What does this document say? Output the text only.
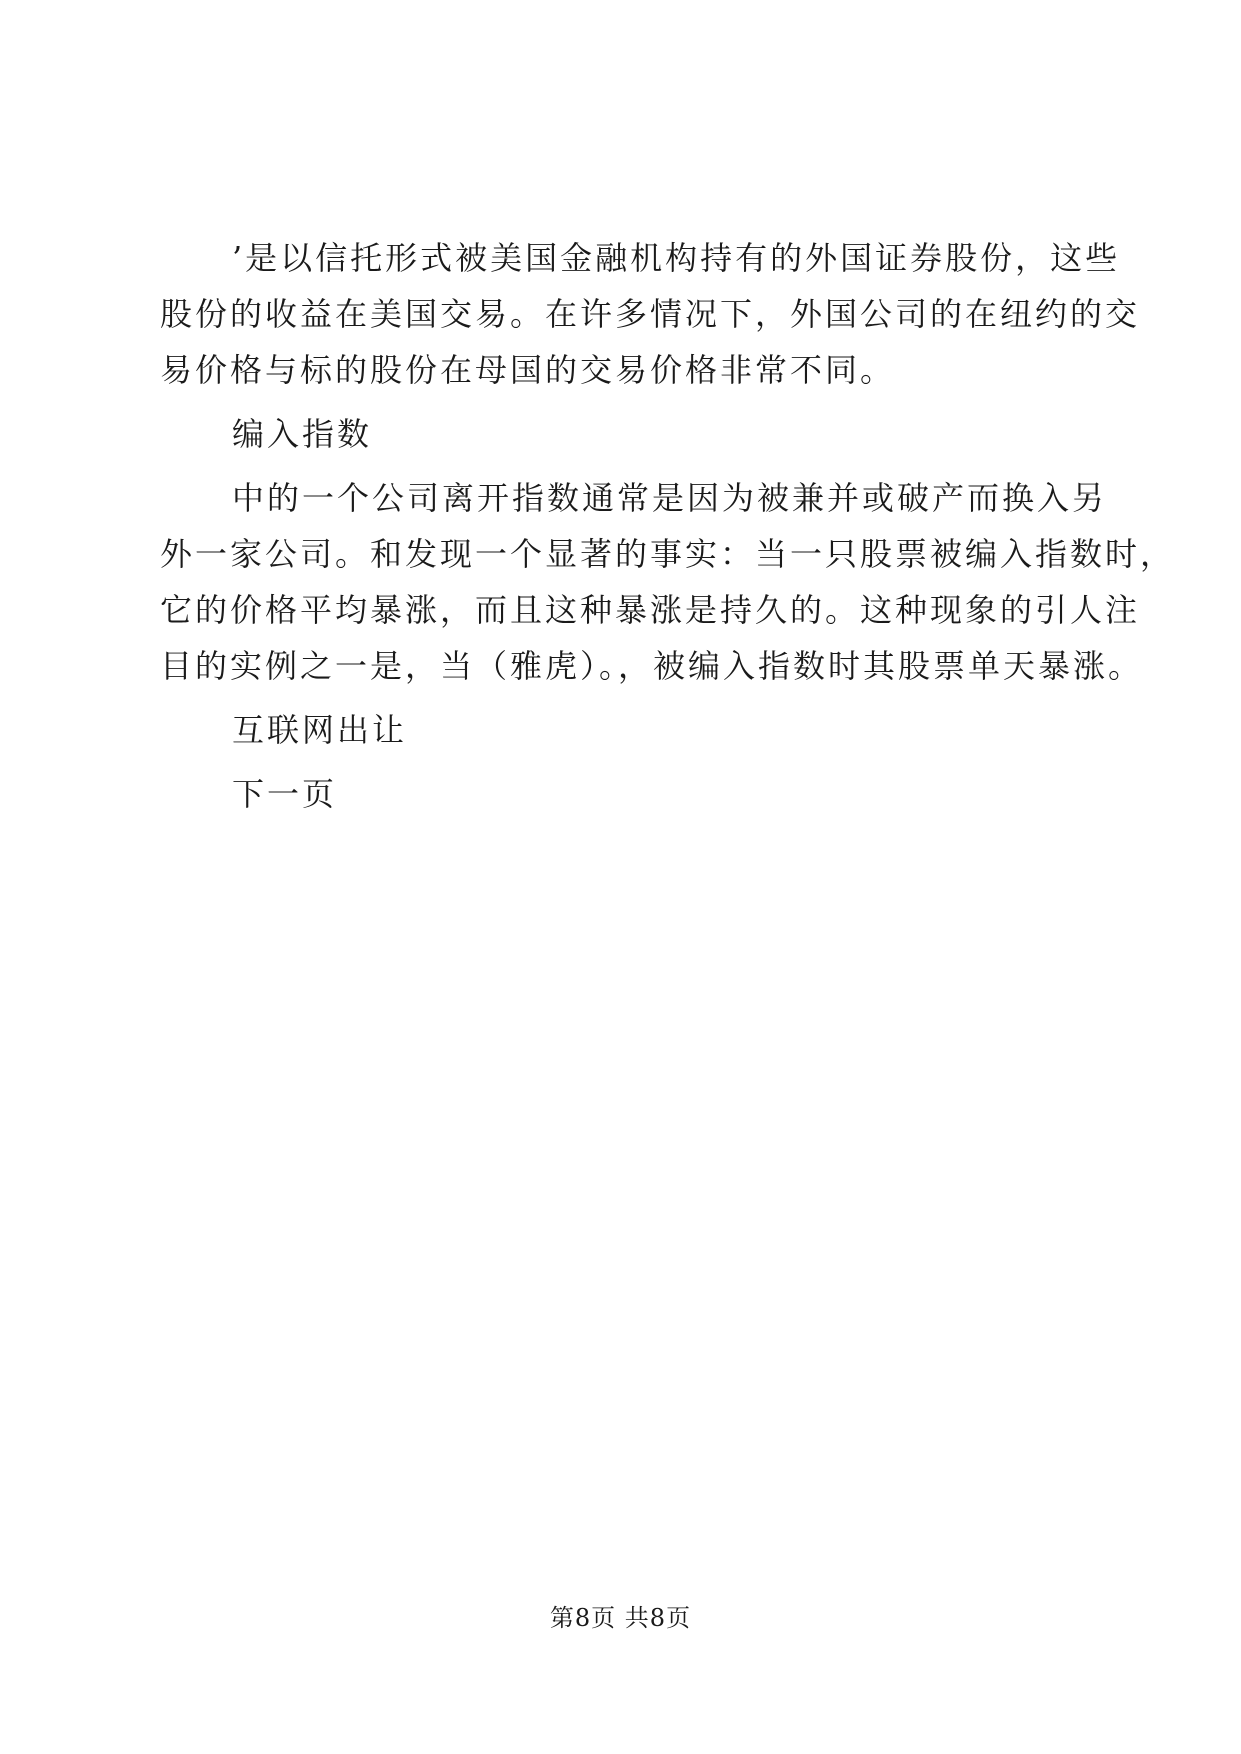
’是以信托形式被美国金融机构持有的外国证券股份，这些
股份的收益在美国交易。在许多情况下，外国公司的在纽约的交
易价格与标的股份在母国的交易价格非常不同。
编入指数
中的一个公司离开指数通常是因为被兼并或破产而换入另
外一家公司。和发现一个显著的事实：当一只股票被编入指数时，
它的价格平均暴涨，而且这种暴涨是持久的。这种现象的引人注
目的实例之一是，当（雅虎）。，被编入指数时其股票单天暴涨。
互联网出让
下一页
第8页 共8页
